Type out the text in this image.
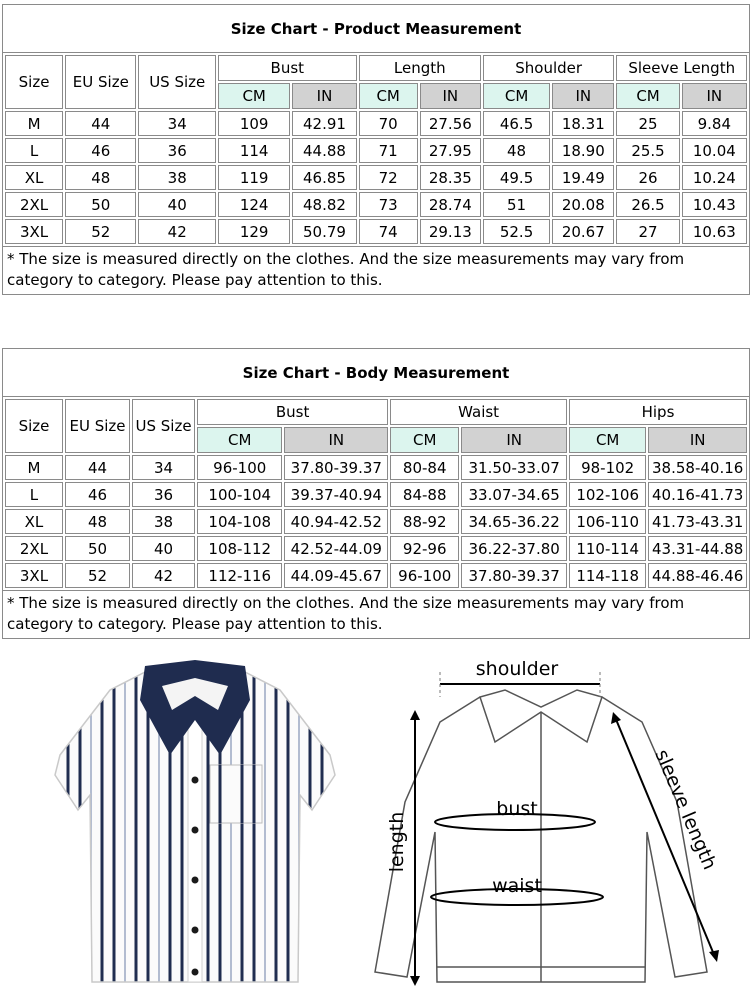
Size Chart - Product Measurement
Size	EU Size	US Size	Bust		Length		Shoulder		Sleeve Length	
			CM	IN	CM	IN	CM	IN	CM	IN
M	44	34	109	42.91	70	27.56	46.5	18.31	25	9.84
L	46	36	114	44.88	71	27.95	48	18.90	25.5	10.04
XL	48	38	119	46.85	72	28.35	49.5	19.49	26	10.24
2XL	50	40	124	48.82	73	28.74	51	20.08	26.5	10.43
3XL	52	42	129	50.79	74	29.13	52.5	20.67	27	10.63
* The size is measured directly on the clothes. And the size measurements may vary from category to category. Please pay attention to this.
Size Chart - Body Measurement
Size	EU Size	US Size	Bust		Waist		Hips	
			CM	IN	CM	IN	CM	IN
M	44	34	96-100	37.80-39.37	80-84	31.50-33.07	98-102	38.58-40.16
L	46	36	100-104	39.37-40.94	84-88	33.07-34.65	102-106	40.16-41.73
XL	48	38	104-108	40.94-42.52	88-92	34.65-36.22	106-110	41.73-43.31
2XL	50	40	108-112	42.52-44.09	92-96	36.22-37.80	110-114	43.31-44.88
3XL	52	42	112-116	44.09-45.67	96-100	37.80-39.37	114-118	44.88-46.46
* The size is measured directly on the clothes. And the size measurements may vary from category to category. Please pay attention to this.
shoulder
bust
waist
length	sleeve length
